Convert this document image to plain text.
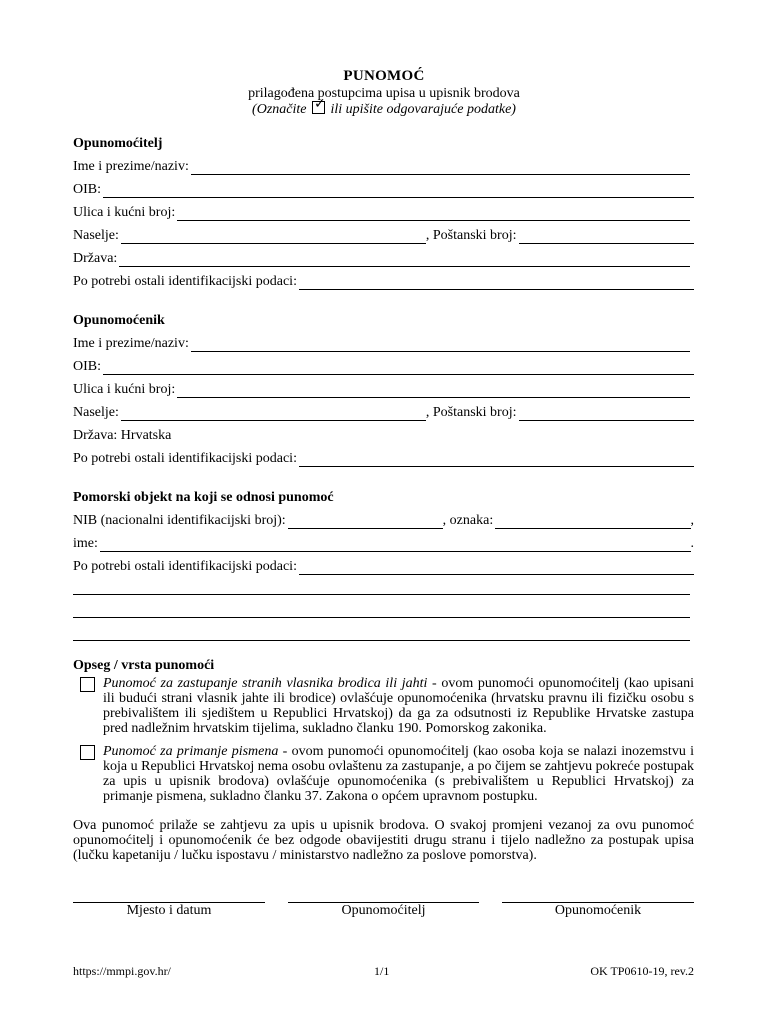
PUNOMOĆ
prilagođena postupcima upisa u upisnik brodova
(Označite ✓ ili upišite odgovarajuće podatke)
Opunomoćitelj
Ime i prezime/naziv:
OIB:
Ulica i kućni broj:
Naselje:	, Poštanski broj:
Država:
Po potrebi ostali identifikacijski podaci:
Opunomoćenik
Ime i prezime/naziv:
OIB:
Ulica i kućni broj:
Naselje:	, Poštanski broj:
Država: Hrvatska
Po potrebi ostali identifikacijski podaci:
Pomorski objekt na koji se odnosi punomoć
NIB (nacionalni identifikacijski broj):	, oznaka:	,
ime:	.
Po potrebi ostali identifikacijski podaci:
Opseg / vrsta punomoći
Punomoć za zastupanje stranih vlasnika brodica ili jahti - ovom punomoći opunomoćitelj (kao upisani ili budući strani vlasnik jahte ili brodice) ovlašćuje opunomoćenika (hrvatsku pravnu ili fizičku osobu s prebivalištem ili sjedištem u Republici Hrvatskoj) da ga za odsutnosti iz Republike Hrvatske zastupa pred nadležnim hrvatskim tijelima, sukladno članku 190. Pomorskog zakonika.
Punomoć za primanje pismena - ovom punomoći opunomoćitelj (kao osoba koja se nalazi inozemstvu i koja u Republici Hrvatskoj nema osobu ovlaštenu za zastupanje, a po čijem se zahtjevu pokreće postupak za upis u upisnik brodova) ovlašćuje opunomoćenika (s prebivalištem u Republici Hrvatskoj) za primanje pismena, sukladno članku 37. Zakona o općem upravnom postupku.
Ova punomoć prilaže se zahtjevu za upis u upisnik brodova. O svakoj promjeni vezanoj za ovu punomoć opunomoćitelj i opunomoćenik će bez odgode obavijestiti drugu stranu i tijelo nadležno za postupak upisa (lučku kapetaniju / lučku ispostavu / ministarstvo nadležno za poslove pomorstva).
Mjesto i datum	Opunomoćitelj	Opunomoćenik
https://mmpi.gov.hr/	1/1	OK TP0610-19, rev.2
